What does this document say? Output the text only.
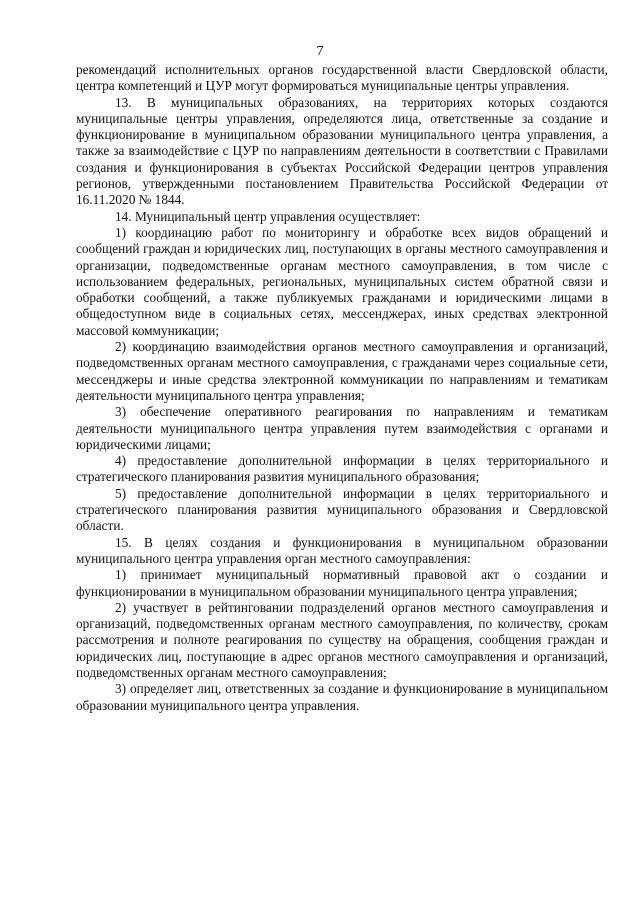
7

рекомендаций исполнительных органов государственной власти Свердловской области, центра компетенций и ЦУР могут формироваться муниципальные центры управления.

13. В муниципальных образованиях, на территориях которых создаются муниципальные центры управления, определяются лица, ответственные за создание и функционирование в муниципальном образовании муниципального центра управления, а также за взаимодействие с ЦУР по направлениям деятельности в соответствии с Правилами создания и функционирования в субъектах Российской Федерации центров управления регионов, утвержденными постановлением Правительства Российской Федерации от 16.11.2020 № 1844.

14. Муниципальный центр управления осуществляет:

1) координацию работ по мониторингу и обработке всех видов обращений и сообщений граждан и юридических лиц, поступающих в органы местного самоуправления и организации, подведомственные органам местного самоуправления, в том числе с использованием федеральных, региональных, муниципальных систем обратной связи и обработки сообщений, а также публикуемых гражданами и юридическими лицами в общедоступном виде в социальных сетях, мессенджерах, иных средствах электронной массовой коммуникации;

2) координацию взаимодействия органов местного самоуправления и организаций, подведомственных органам местного самоуправления, с гражданами через социальные сети, мессенджеры и иные средства электронной коммуникации по направлениям и тематикам деятельности муниципального центра управления;

3) обеспечение оперативного реагирования по направлениям и тематикам деятельности муниципального центра управления путем взаимодействия с органами и юридическими лицами;

4) предоставление дополнительной информации в целях территориального и стратегического планирования развития муниципального образования;

5) предоставление дополнительной информации в целях территориального и стратегического планирования развития муниципального образования и Свердловской области.

15. В целях создания и функционирования в муниципальном образовании муниципального центра управления орган местного самоуправления:

1) принимает муниципальный нормативный правовой акт о создании и функционировании в муниципальном образовании муниципального центра управления;

2) участвует в рейтинговании подразделений органов местного самоуправления и организаций, подведомственных органам местного самоуправления, по количеству, срокам рассмотрения и полноте реагирования по существу на обращения, сообщения граждан и юридических лиц, поступающие в адрес органов местного самоуправления и организаций, подведомственных органам местного самоуправления;

3) определяет лиц, ответственных за создание и функционирование в муниципальном образовании муниципального центра управления.
